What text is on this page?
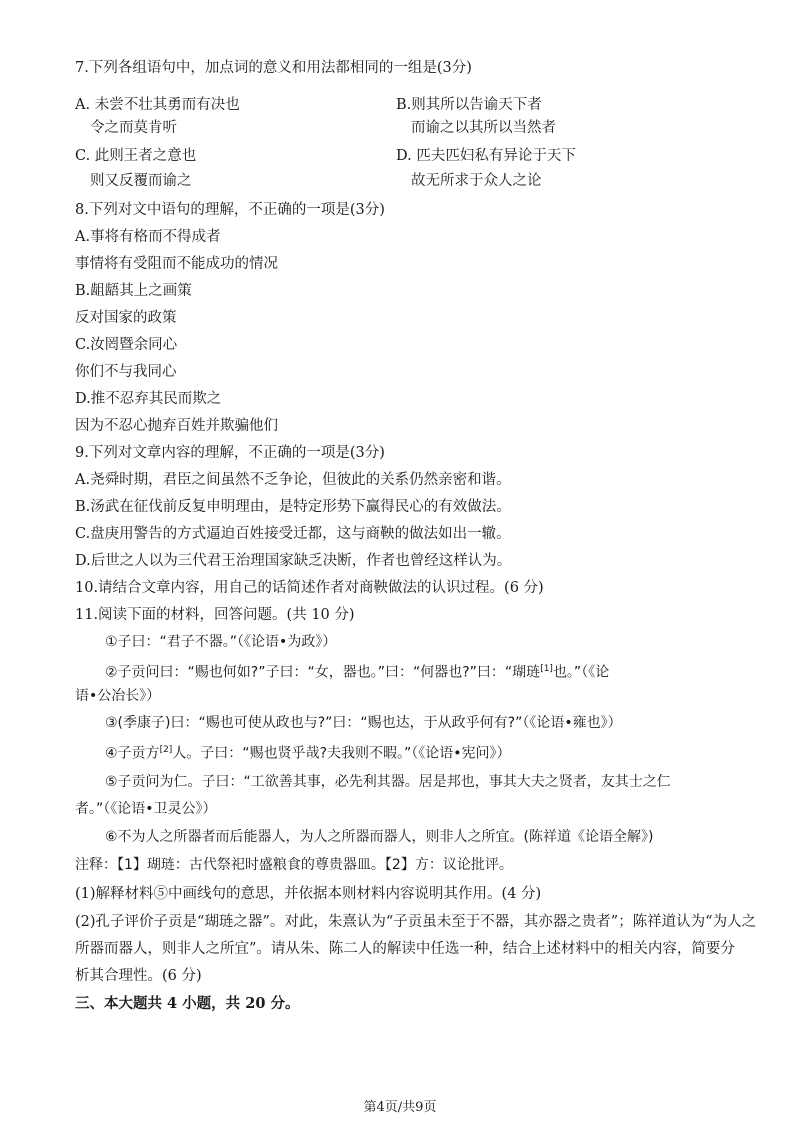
7.下列各组语句中，加点词的意义和用法都相同的一组是(3分)
A. 未尝不壮其勇而有决也	B.则其所以告谕天下者
令之而莫肯听	而谕之以其所以当然者
C. 此则王者之意也	D. 匹夫匹妇私有异论于天下
则又反覆而谕之	故无所求于众人之论
8.下列对文中语句的理解，不正确的一项是(3分)
A.事将有格而不得成者
事情将有受阻而不能成功的情况
B.龃龉其上之画策
反对国家的政策
C.汝罔暨余同心
你们不与我同心
D.推不忍弃其民而欺之
因为不忍心抛弃百姓并欺骗他们
9.下列对文章内容的理解，不正确的一项是(3分)
A.尧舜时期，君臣之间虽然不乏争论，但彼此的关系仍然亲密和谐。
B.汤武在征伐前反复申明理由，是特定形势下赢得民心的有效做法。
C.盘庚用警告的方式逼迫百姓接受迁都，这与商鞅的做法如出一辙。
D.后世之人以为三代君王治理国家缺乏决断，作者也曾经这样认为。
10.请结合文章内容，用自己的话简述作者对商鞅做法的认识过程。(6 分)
11.阅读下面的材料，回答问题。(共 10 分)
①子曰：“君子不器。”（《论语•为政》）
②子贡问曰：“赐也何如?”子曰：“女，器也。”曰：“何器也?”曰：“瑚琏[1]也。”（《论
语•公冶长》）
③(季康子)曰：“赐也可使从政也与?”曰：“赐也达，于从政乎何有?”（《论语•雍也》）
④子贡方[2]人。子曰：“赐也贤乎哉?夫我则不暇。”（《论语•宪问》）
⑤子贡问为仁。子曰：“工欲善其事，必先利其器。居是邦也，事其大夫之贤者，友其士之仁
者。”（《论语•卫灵公》）
⑥不为人之所器者而后能器人，为人之所器而器人，则非人之所宜。(陈祥道《论语全解》)
注释：【1】瑚琏：古代祭祀时盛粮食的尊贵器皿。【2】方：议论批评。
(1)解释材料⑤中画线句的意思，并依据本则材料内容说明其作用。(4 分)
(2)孔子评价子贡是“瑚琏之器”。对此，朱熹认为“子贡虽未至于不器，其亦器之贵者”；陈祥道认为“为人之
所器而器人，则非人之所宜”。请从朱、陈二人的解读中任选一种，结合上述材料中的相关内容，简要分
析其合理性。(6 分)
三、本大题共 4 小题，共 20 分。
第4页/共9页
